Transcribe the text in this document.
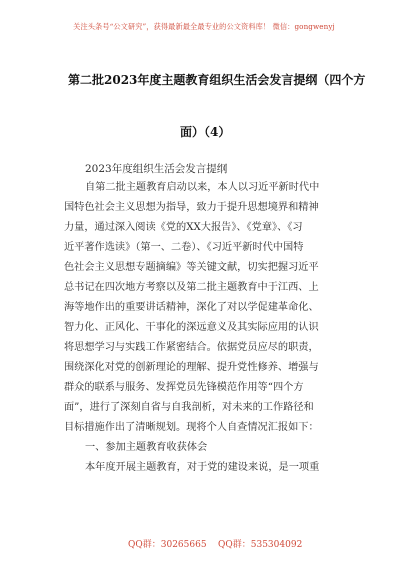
关注头条号“公文研究”，获得最新最全最专业的公文资料库！ 微信：gongwenyj
第二批2023年度主题教育组织生活会发言提纲（四个方
面）（4）
2023年度组织生活会发言提纲
自第二批主题教育启动以来，本人以习近平新时代中
国特色社会主义思想为指导，致力于提升思想境界和精神
力量，通过深入阅读《党的XX大报告》、《党章》、《习
近平著作选读》（第一、二卷）、《习近平新时代中国特
色社会主义思想专题摘编》等关键文献，切实把握习近平
总书记在四次地方考察以及第二批主题教育中于江西、上
海等地作出的重要讲话精神，深化了对以学促建革命化、
智力化、正风化、干事化的深远意义及其实际应用的认识
将思想学习与实践工作紧密结合。依据党员应尽的职责，
围绕深化对党的创新理论的理解、提升党性修养、增强与
群众的联系与服务、发挥党员先锋模范作用等“四个方
面”，进行了深刻自省与自我剖析，对未来的工作路径和
目标措施作出了清晰规划。现将个人自查情况汇报如下：
一、参加主题教育收获体会
本年度开展主题教育，对于党的建设来说，是一项重
QQ群：30265665 QQ群：535304092
